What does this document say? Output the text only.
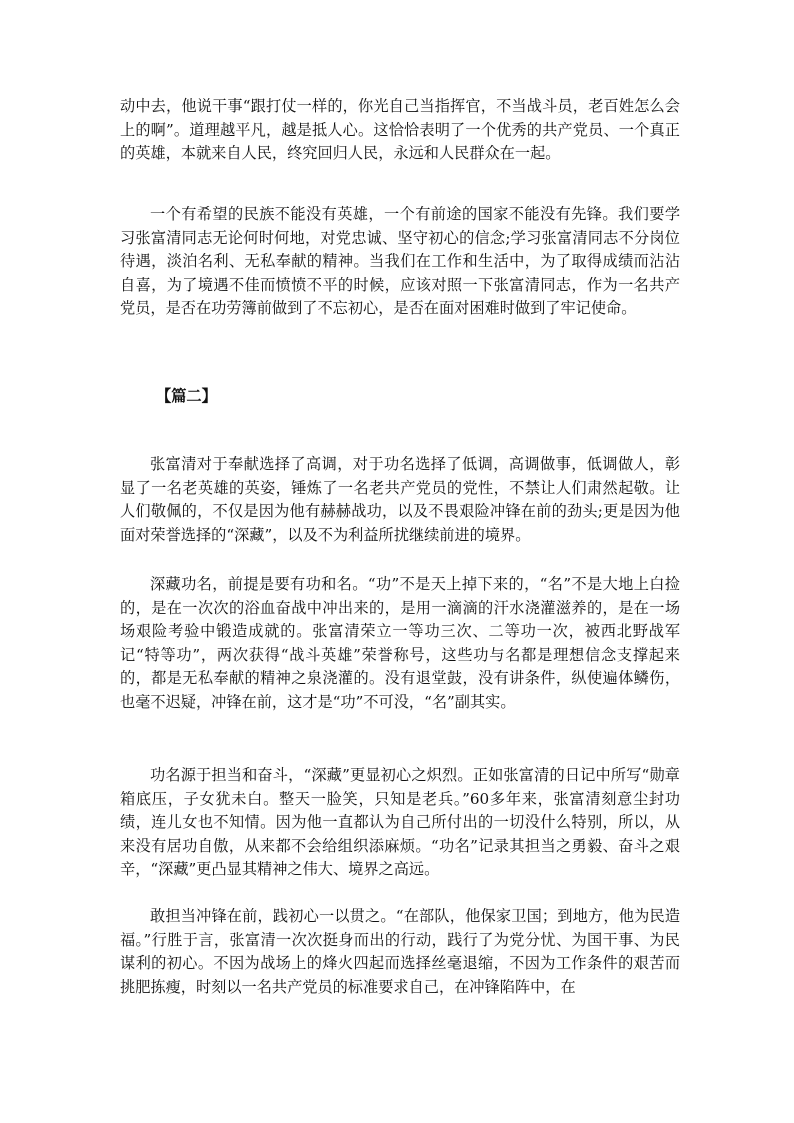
动中去，他说干事“跟打仗一样的，你光自己当指挥官，不当战斗员，老百姓怎么会上的啊”。道理越平凡，越是抵人心。这恰恰表明了一个优秀的共产党员、一个真正的英雄，本就来自人民，终究回归人民，永远和人民群众在一起。

一个有希望的民族不能没有英雄，一个有前途的国家不能没有先锋。我们要学习张富清同志无论何时何地，对党忠诚、坚守初心的信念;学习张富清同志不分岗位待遇，淡泊名利、无私奉献的精神。当我们在工作和生活中，为了取得成绩而沾沾自喜，为了境遇不佳而愤愤不平的时候，应该对照一下张富清同志，作为一名共产党员，是否在功劳簿前做到了不忘初心，是否在面对困难时做到了牢记使命。

【篇二】

张富清对于奉献选择了高调，对于功名选择了低调，高调做事，低调做人，彰显了一名老英雄的英姿，锤炼了一名老共产党员的党性，不禁让人们肃然起敬。让人们敬佩的，不仅是因为他有赫赫战功，以及不畏艰险冲锋在前的劲头;更是因为他面对荣誉选择的“深藏”，以及不为利益所扰继续前进的境界。

深藏功名，前提是要有功和名。“功”不是天上掉下来的，“名”不是大地上白捡的，是在一次次的浴血奋战中冲出来的，是用一滴滴的汗水浇灌滋养的，是在一场场艰险考验中锻造成就的。张富清荣立一等功三次、二等功一次，被西北野战军记“特等功”，两次获得“战斗英雄”荣誉称号，这些功与名都是理想信念支撑起来的，都是无私奉献的精神之泉浇灌的。没有退堂鼓，没有讲条件，纵使遍体鳞伤，也毫不迟疑，冲锋在前，这才是“功”不可没，“名”副其实。

功名源于担当和奋斗，“深藏”更显初心之炽烈。正如张富清的日记中所写“勋章箱底压，子女犹未白。整天一脸笑，只知是老兵。”60多年来，张富清刻意尘封功绩，连儿女也不知情。因为他一直都认为自己所付出的一切没什么特别，所以，从来没有居功自傲，从来都不会给组织添麻烦。“功名”记录其担当之勇毅、奋斗之艰辛，“深藏”更凸显其精神之伟大、境界之高远。

敢担当冲锋在前，践初心一以贯之。“在部队，他保家卫国；到地方，他为民造福。”行胜于言，张富清一次次挺身而出的行动，践行了为党分忧、为国干事、为民谋利的初心。不因为战场上的烽火四起而选择丝毫退缩，不因为工作条件的艰苦而挑肥拣瘦，时刻以一名共产党员的标准要求自己，在冲锋陷阵中，在
